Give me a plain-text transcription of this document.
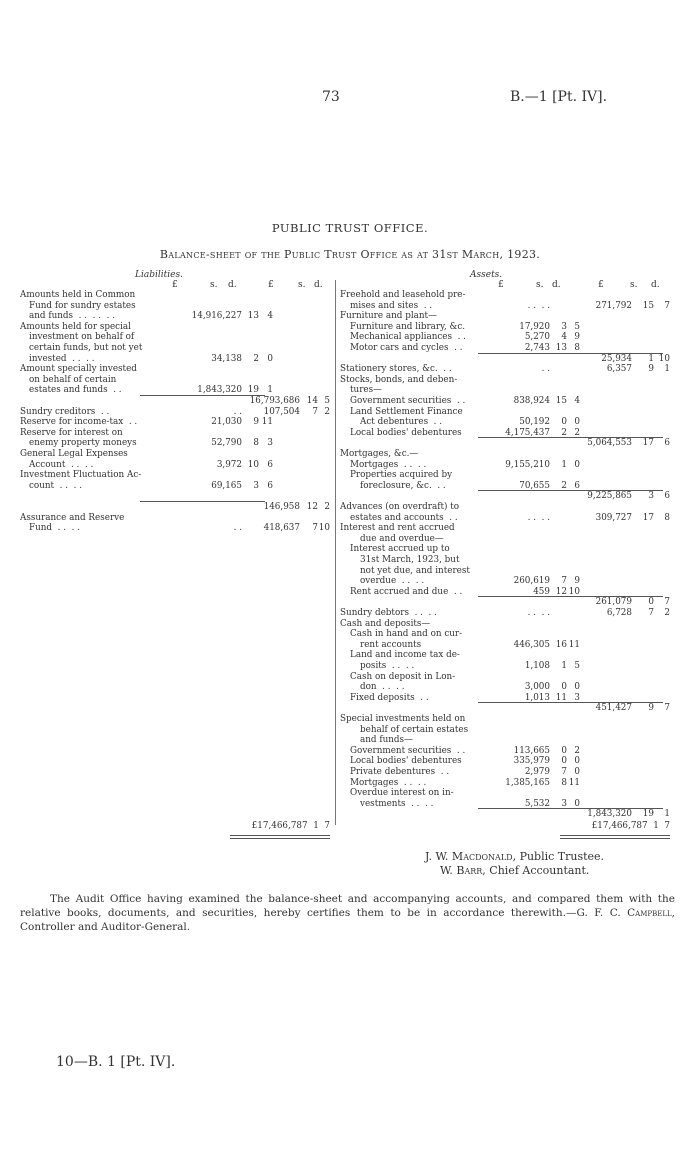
73	B.—1 [Pt. IV].
PUBLIC TRUST OFFICE.
Balance-sheet of the Public Trust Office as at 31st March, 1923.
Liabilities.	Assets.
£	s. d.	£	s. d.	£	s. d.	£	s. d.
Amounts held in Common
Fund for sundry estates
and funds  . .  . .  . .	14,916,227 13 4
Amounts held for special
investment on behalf of
certain funds, but not yet
invested  . .  . .	34,138 2 0
Amount specially invested
on behalf of certain
estates and funds  . .	1,843,320 19 1
16,793,686 14 5
Sundry creditors  . .	. . 107,504 7 2
Reserve for income-tax  . .	21,030 9 11
Reserve for interest on
enemy property moneys	52,790 8 3
General Legal Expenses
Account  . .  . .	3,972 10 6
Investment Fluctuation Ac-
count  . .  . .	69,165 3 6
146,958 12 2
Assurance and Reserve
Fund  . .  . .	. . 418,637 7 10
Freehold and leasehold pre-
mises and sites  . .	. .  . .	271,792 15 7
Furniture and plant—
Furniture and library, &c.	17,920 3 5
Mechanical appliances  . .	5,270 4 9
Motor cars and cycles  . .	2,743 13 8
25,934 1 10
Stationery stores, &c.  . .	. .	6,357 9 1
Stocks, bonds, and deben-
tures—
Government securities  . .	838,924 15 4
Land Settlement Finance
Act debentures  . .	50,192 0 0
Local bodies' debentures	4,175,437 2 2
5,064,553 17 6
Mortgages, &c.—
Mortgages  . .  . .	9,155,210 1 0
Properties acquired by
foreclosure, &c.  . .	70,655 2 6
9,225,865 3 6
Advances (on overdraft) to
estates and accounts  . .	. .  . .	309,727 17 8
Interest and rent accrued
due and overdue—
Interest accrued up to
31st March, 1923, but
not yet due, and interest
overdue  . .  . .	260,619 7 9
Rent accrued and due  . .	459 12 10
261,079 0 7
Sundry debtors  . .  . .	. .  . .	6,728 7 2
Cash and deposits—
Cash in hand and on cur-
rent accounts	446,305 16 11
Land and income tax de-
posits  . .  . .	1,108 1 5
Cash on deposit in Lon-
don  . .  . .	3,000 0 0
Fixed deposits  . .	1,013 11 3
451,427 9 7
Special investments held on
behalf of certain estates
and funds—
Government securities  . .	113,665 0 2
Local bodies' debentures	335,979 0 0
Private debentures  . .	2,979 7 0
Mortgages  . .  . .	1,385,165 8 11
Overdue interest on in-
vestments  . .  . .	5,532 3 0
1,843,320 19 1

£17,466,787  1  7

	£17,466,787  1  7

J. W. Macdonald, Public Trustee.
W. Barr, Chief Accountant.
The Audit Office having examined the balance-sheet and accompanying accounts, and compared them with the relative books, documents, and securities, hereby certifies them to be in accordance therewith.—G. F. C. Campbell, Controller and Auditor-General.
10—B. 1 [Pt. IV].
